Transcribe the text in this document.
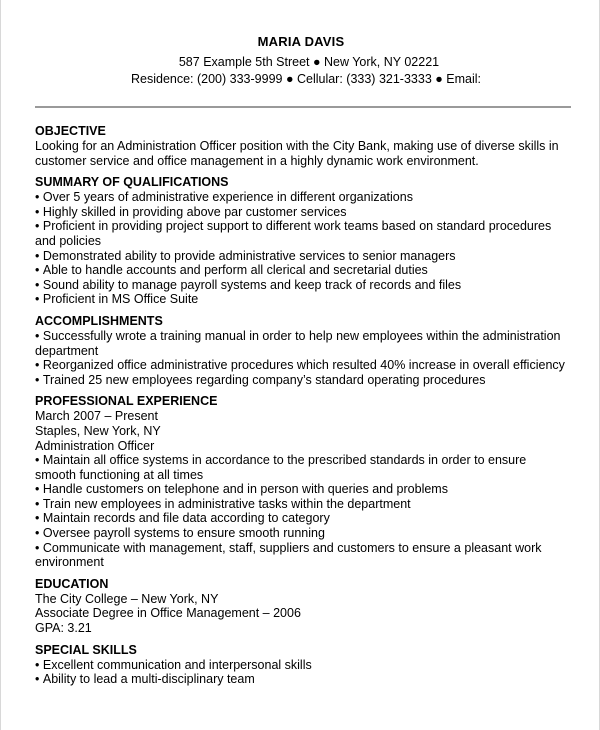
MARIA DAVIS
587 Example 5th Street ● New York, NY 02221
Residence: (200) 333-9999 ● Cellular: (333) 321-3333 ● Email:
OBJECTIVE
Looking for an Administration Officer position with the City Bank, making use of diverse skills in customer service and office management in a highly dynamic work environment.
SUMMARY OF QUALIFICATIONS
• Over 5 years of administrative experience in different organizations
• Highly skilled in providing above par customer services
• Proficient in providing project support to different work teams based on standard procedures and policies
• Demonstrated ability to provide administrative services to senior managers
• Able to handle accounts and perform all clerical and secretarial duties
• Sound ability to manage payroll systems and keep track of records and files
• Proficient in MS Office Suite
ACCOMPLISHMENTS
• Successfully wrote a training manual in order to help new employees within the administration department
• Reorganized office administrative procedures which resulted 40% increase in overall efficiency
• Trained 25 new employees regarding company’s standard operating procedures
PROFESSIONAL EXPERIENCE
March 2007 – Present
Staples, New York, NY
Administration Officer
• Maintain all office systems in accordance to the prescribed standards in order to ensure smooth functioning at all times
• Handle customers on telephone and in person with queries and problems
• Train new employees in administrative tasks within the department
• Maintain records and file data according to category
• Oversee payroll systems to ensure smooth running
• Communicate with management, staff, suppliers and customers to ensure a pleasant work environment
EDUCATION
The City College – New York, NY
Associate Degree in Office Management – 2006
GPA: 3.21
SPECIAL SKILLS
• Excellent communication and interpersonal skills
• Ability to lead a multi-disciplinary team
